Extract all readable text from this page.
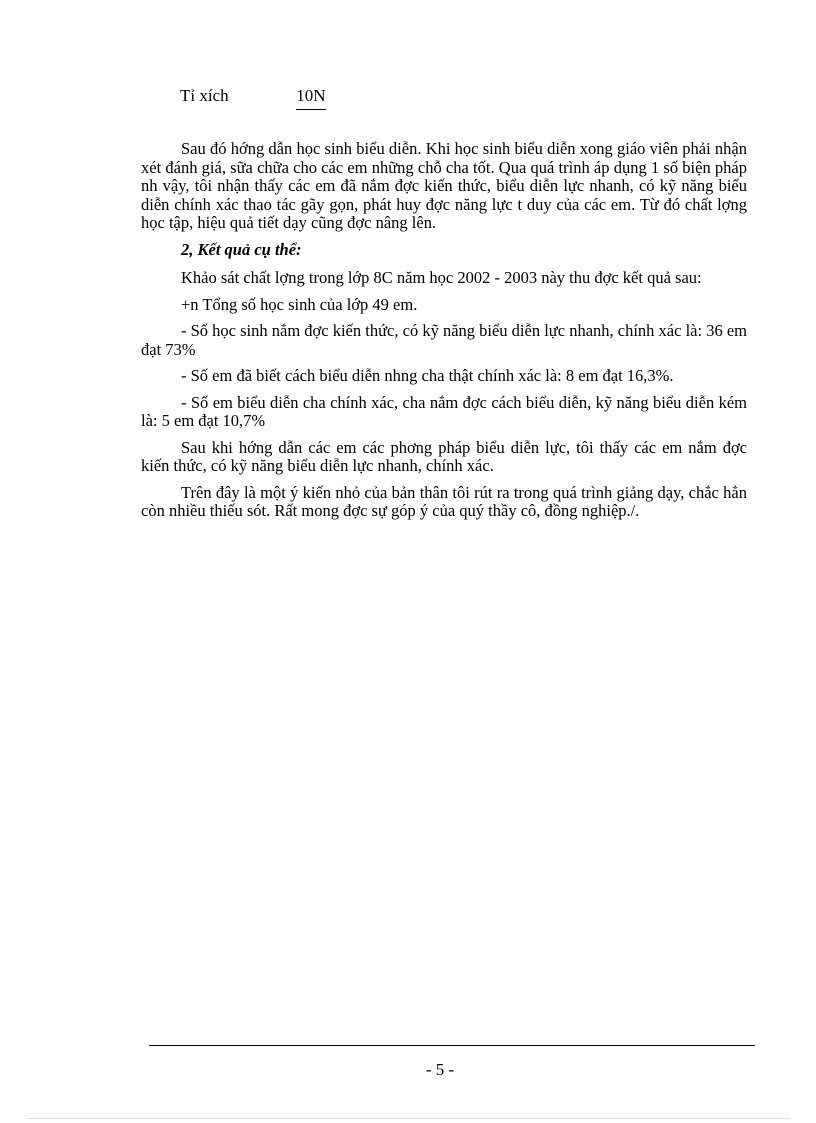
Tỉ xích	10N

Sau đó hớng dẫn học sinh biểu diễn. Khi học sinh biểu diễn xong giáo viên phải nhận xét đánh giá, sữa chữa cho các em những chỗ cha tốt. Qua quá trình áp dụng 1 số biện pháp nh vậy, tôi nhận thấy các em đã nắm đợc kiến thức, biểu diễn lực nhanh, có kỹ năng biểu diễn chính xác thao tác gãy gọn, phát huy đợc năng lực t duy của các em. Từ đó chất lợng học tập, hiệu quả tiết dạy cũng đợc nâng lên.

2, Kết quả cụ thể:

Khảo sát chất lợng trong lớp 8C năm học 2002 - 2003 này thu đợc kết quả sau:

+n Tổng số học sinh của lớp 49 em.

- Số học sinh nắm đợc kiến thức, có kỹ năng biểu diễn lực nhanh, chính xác là: 36 em đạt 73%

- Số em đã biết cách biểu diễn nhng cha thật chính xác là: 8 em đạt 16,3%.

- Số em biểu diễn cha chính xác, cha nắm đợc cách biểu diễn, kỹ năng biểu diễn kém là: 5 em đạt 10,7%

Sau khi hớng dẫn các em các phơng pháp biểu diễn lực, tôi thấy các em nắm đợc kiến thức, có kỹ năng biểu diễn lực nhanh, chính xác.

Trên đây là một ý kiến nhỏ của bản thân tôi rút ra trong quá trình giảng dạy, chắc hẳn còn nhiều thiếu sót. Rất mong đợc sự góp ý của quý thầy cô, đồng nghiệp./.

- 5 -
